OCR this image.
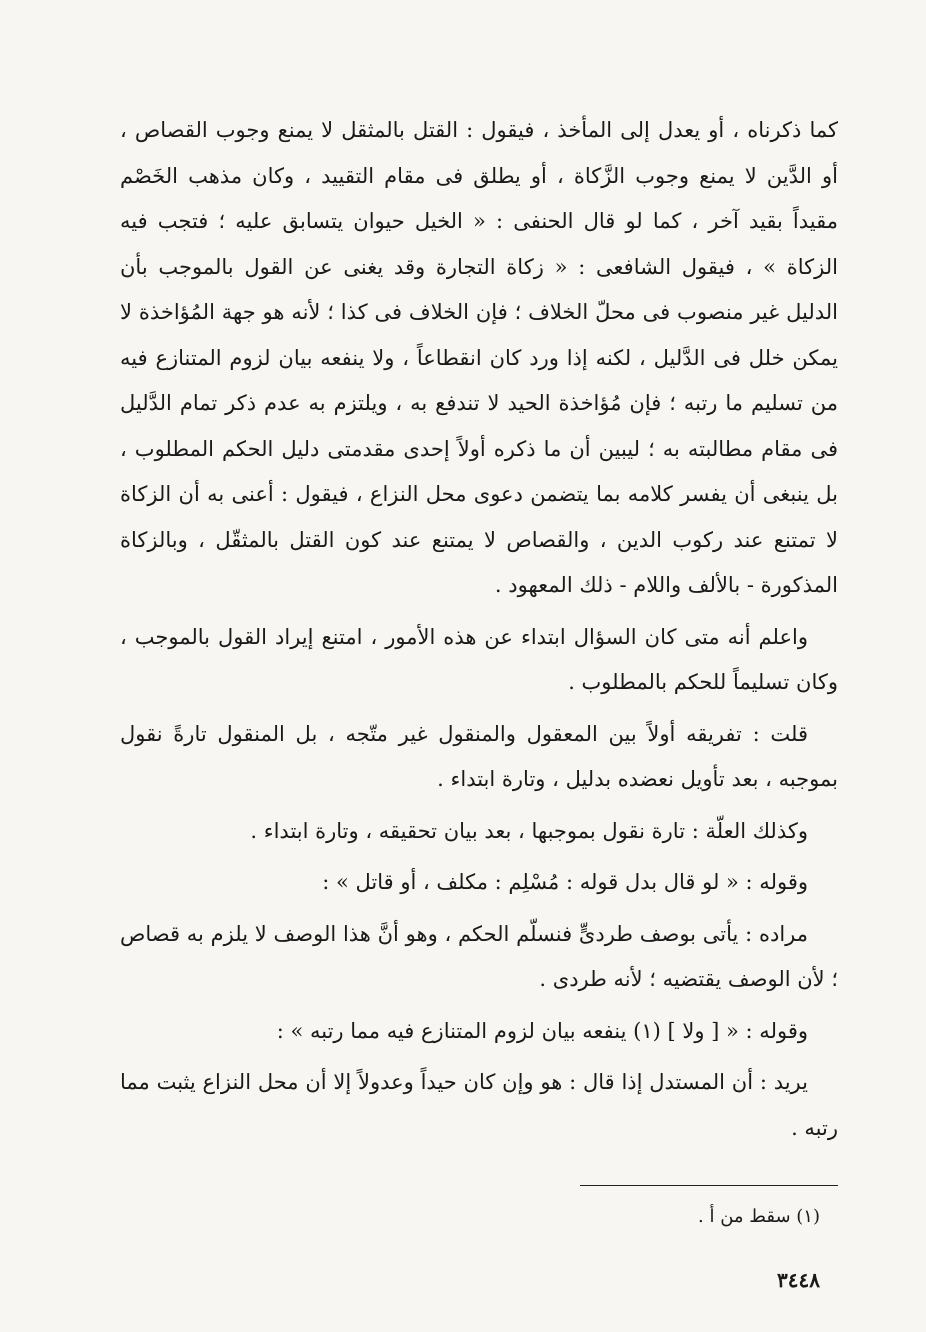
كما ذكرناه ، أو يعدل إلى المأخذ ، فيقول : القتل بالمثقل لا يمنع وجوب القصاص ، أو الدَّين لا يمنع وجوب الزَّكاة ، أو يطلق فى مقام التقييد ، وكان مذهب الخَصْم مقيداً بقيد آخر ، كما لو قال الحنفى : « الخيل حيوان يتسابق عليه ؛ فتجب فيه الزكاة » ، فيقول الشافعى : « زكاة التجارة وقد يغنى عن القول بالموجب بأن الدليل غير منصوب فى محلّ الخلاف ؛ فإن الخلاف فى كذا ؛ لأنه هو جهة المُؤاخذة لا يمكن خلل فى الدَّليل ، لكنه إذا ورد كان انقطاعاً ، ولا ينفعه بيان لزوم المتنازع فيه من تسليم ما رتبه ؛ فإن مُؤاخذة الحيد لا تندفع به ، ويلتزم به عدم ذكر تمام الدَّليل فى مقام مطالبته به ؛ ليبين أن ما ذكره أولاً إحدى مقدمتى دليل الحكم المطلوب ، بل ينبغى أن يفسر كلامه بما يتضمن دعوى محل النزاع ، فيقول : أعنى به أن الزكاة لا تمتنع عند ركوب الدين ، والقصاص لا يمتنع عند كون القتل بالمثقّل ، وبالزكاة المذكورة - بالألف واللام - ذلك المعهود .

واعلم أنه متى كان السؤال ابتداء عن هذه الأمور ، امتنع إيراد القول بالموجب ، وكان تسليماً للحكم بالمطلوب .

قلت : تفريقه أولاً بين المعقول والمنقول غير متّجه ، بل المنقول تارةً نقول بموجبه ، بعد تأويل نعضده بدليل ، وتارة ابتداء .

وكذلك العلّة : تارة نقول بموجبها ، بعد بيان تحقيقه ، وتارة ابتداء .

وقوله : « لو قال بدل قوله : مُسْلِم : مكلف ، أو قاتل » :

مراده : يأتى بوصف طردىٍّ فنسلّم الحكم ، وهو أنَّ هذا الوصف لا يلزم به قصاص ؛ لأن الوصف يقتضيه ؛ لأنه طردى .

وقوله : « [ ولا ] (١) ينفعه بيان لزوم المتنازع فيه مما رتبه » :

يريد : أن المستدل إذا قال : هو وإن كان حيداً وعدولاً إلا أن محل النزاع يثبت مما رتبه .

(١) سقط من أ .
٣٤٤٨
